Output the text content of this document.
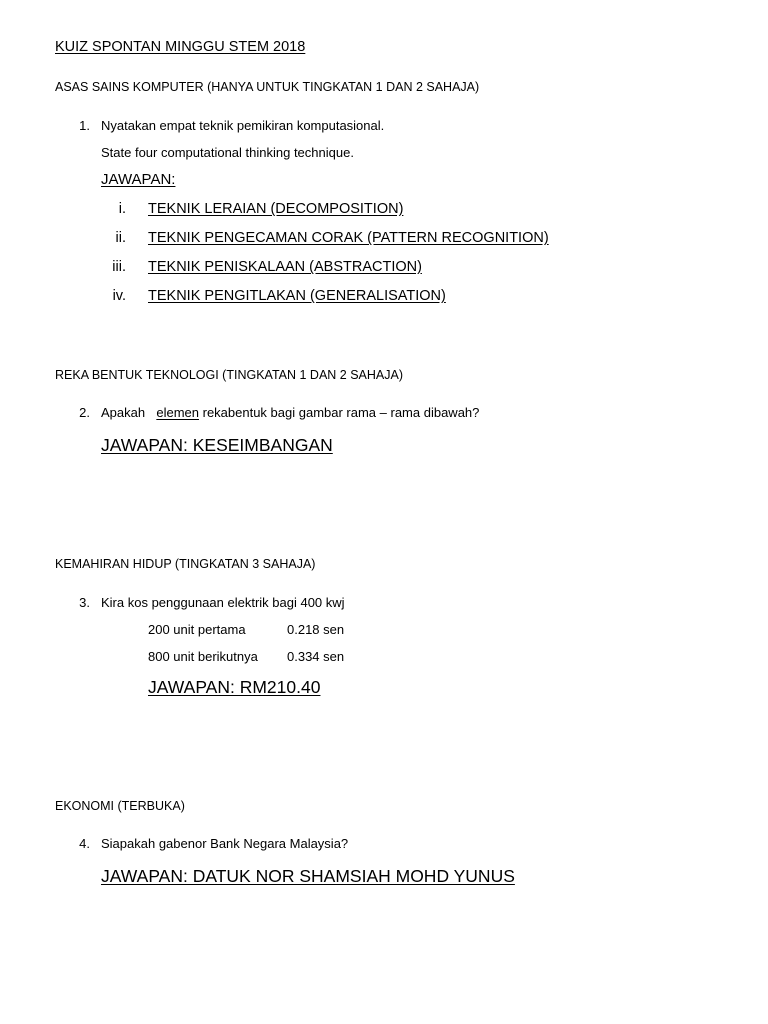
KUIZ SPONTAN MINGGU STEM 2018
ASAS SAINS KOMPUTER (HANYA UNTUK TINGKATAN 1 DAN 2 SAHAJA)
1. Nyatakan empat teknik pemikiran komputasional.
State four computational thinking technique.
JAWAPAN:
i. TEKNIK LERAIAN (DECOMPOSITION)
ii. TEKNIK PENGECAMAN CORAK (PATTERN RECOGNITION)
iii. TEKNIK PENISKALAAN (ABSTRACTION)
iv. TEKNIK PENGITLAKAN (GENERALISATION)
REKA BENTUK TEKNOLOGI (TINGKATAN 1 DAN 2 SAHAJA)
2. Apakah elemen rekabentuk bagi gambar rama – rama dibawah?
JAWAPAN: KESEIMBANGAN
KEMAHIRAN HIDUP (TINGKATAN 3 SAHAJA)
3. Kira kos penggunaan elektrik bagi 400 kwj
200 unit pertama	0.218 sen
800 unit berikutnya 0.334 sen
JAWAPAN: RM210.40
EKONOMI (TERBUKA)
4. Siapakah gabenor Bank Negara Malaysia?
JAWAPAN: DATUK NOR SHAMSIAH MOHD YUNUS
